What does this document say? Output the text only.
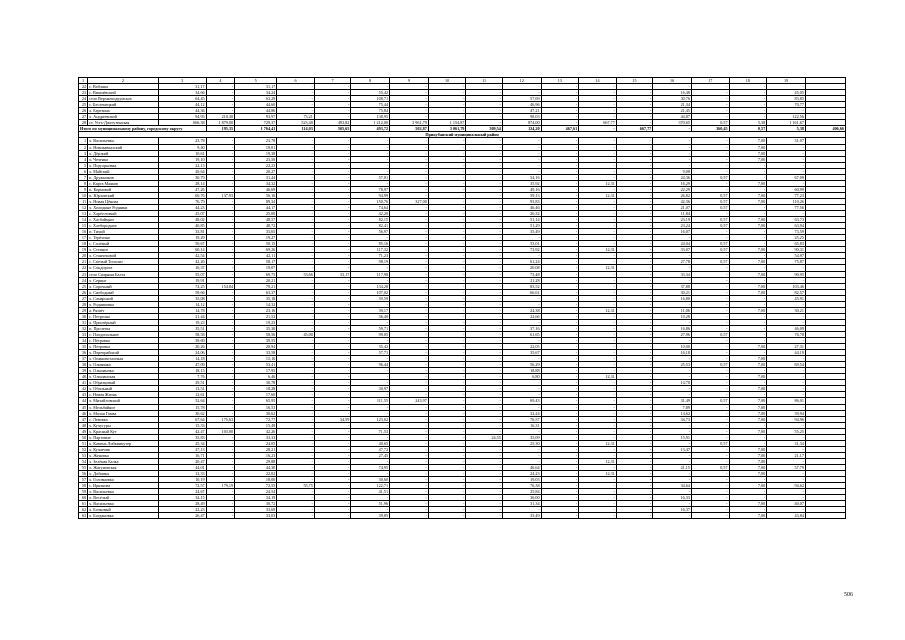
1	2	3	4	5	6	7	8	9	10	11	12	13	14	15	16	17	18	19	
22	с. Вобляка	31,17	-	31,17	-	-	-	-	-	-	-	-	-	-	-	-	-	-	
23	с. Вишнёвский	34,66	-	34,24	-	-	55,42	-	-	-	-	-	-	-	16,48	-	-	45,05	
24	село Верхнеподкумское	64,45	-	63,29	-	-	108,71	-	-	-	57,69	-	-	-	30,76	-	-	83,85	
25	с. Бесленецкий	44,12	-	44,60	-	-	75,44	-	-	-	46,96	-	-	-	21,34	-	-	70,77	
26	х. Березина	44,36	-	44,86	-	-	75,84	-	-	-	47,21	-	-	-	21,45	-	-	-	
27	х. Андреевский	94,93	210,30	93,97	73,21	-	138,95	-	-	-	98,03	-	-	-	44,87	-	-	122,56	
28	ст. Усть-Джегутинская	666,38	1 879,00	729,37	523,40	493,82	1 212,00	3 961,79	1 154,87	-	874,00	-	667,77	-	370,65	0,57	5,38	1 161,67	
Итого по муниципальному району, городскому округу			195,35	1 764,41	114,03	505,65	493,72	502,87	3 061,79	509,54	124,20	467,61	-	667,77	-	360,45	0,57	5,38	406,66
Прикубанский муниципальный район																			
1	х. Васильевка	23,78	-	23,78	-	-	-	-	-	-	-	-	-	-	-	-	7,00	31,07	
2	х. Новокавказский	9,40	-	19,01	-	-	-	-	-	-	-	-	-	-	-	-	7,00	-	
3	х. Дёрзкий	10,61	-	19,38	-	-	-	-	-	-	-	-	-	-	-	-	7,00	-	
4	х. Чеченка	19,10	-	23,50	-	-	-	-	-	-	-	-	-	-	-	-	7,00	-	
5	х. Подгорновка	22,13	-	22,23	-	-	-	-	-	-	-	-	-	-	-	-	-	-	
6	х. Майский	20,64	-	20,27	-	-	-	-	-	-	-	-	-	-	9,08	-	-	-	
7	п. Дружников	30,79	-	31,44	-	-	57,01	-	-	-	54,16	-	-	-	24,36	0,57	-	67,09	
8	с. Карта Маяков	28,14	-	34,32	-	-	-	-	-	-	35,92	-	12,31	-	16,29	-	7,00	-	
9	п. Кормовой	47,26	-	46,69	-	-	78,97	-	-	-	49,16	-	-	-	22,29	-	-	60,99	
10	п. Юрловский	60,76	137,93	56,16	-	-	94,99	-	-	-	59,13	-	12,31	-	26,82	0,57	7,00	77,23	
11	х. Новая Цёнова	76,79	-	89,34	-	-	150,76	327,00	-	-	93,83	-	-	-	42,36	0,57	7,00	110,26	
12	х. Холодные Родники	44,23	-	44,17	-	-	74,64	-	-	-	46,46	-	-	-	21,07	0,57	-	77,56	
13	с. Харёготовый	25,07	-	25,00	-	-	42,20	-	-	-	26,32	-	-	-	11,84	-	-	-	
14	с. Хасбайцкое	48,02	-	48,57	-	-	82,15	-	-	-	51,14	-	-	-	23,19	0,57	7,00	63,73	
15	с. Хлебородное	40,85	-	48,72	-	-	82,41	-	-	-	51,29	-	-	-	23,24	0,57	7,00	63,94	
16	п. Тихий	33,81	-	33,65	-	-	56,97	-	-	-	35,49	-	-	-	16,07	-	-	73,59	
17	с. Терёхино	19,29	-	19,27	-	-	-	-	-	-	-	-	-	-	-	-	-	25,25	
18	с. Солёный	50,67	-	50,15	-	-	85,16	-	-	-	53,01	-	-	-	24,04	0,57	-	65,83	
19	х. Степное	60,14	-	69,26	-	-	117,32	-	-	-	73,92	-	12,31	-	33,07	0,57	7,00	90,31	
20	х. Станчековой	42,54	-	42,11	-	-	71,23	-	-	-	-	-	-	-	-	-	-	54,97	
21	с. Спёлый Тополит	42,26	-	58,17	-	-	98,19	-	-	-	61,24	-	-	-	27,78	0,57	7,00	75,87	
22	х. Соцдорога	16,37	-	19,07	-	-	-	-	-	-	20,08	-	12,31	-	-	-	-	-	
23	село Спарныя Балта	55,07	-	69,75	53,66	33,17	117,98	-	-	-	73,48	-	-	-	33,34	-	7,00	90,95	
24	х. Серинг	19,91	-	20,21	-	-	-	-	-	-	21,28	-	-	-	-	-	-	-	
25	х. Сорочный	72,25	154,84	79,21	-	-	134,28	-	-	-	83,52	-	-	-	37,88	-	7,00	103,46	
26	х. Свободный	59,66	-	63,37	-	-	107,02	-	-	-	66,61	-	-	-	30,21	-	7,00	82,57	
27	х. Самарский	35,08	-	35,18	-	-	59,59	-	-	-	-	-	-	-	16,80	-	-	45,91	
28	х. Родниковка	14,12	-	14,32	-	-	-	-	-	-	-	-	-	-	-	-	-	-	
29	а. Рязаёт	14,78	-	23,16	-	-	39,17	-	-	-	24,38	-	12,31	-	11,06	-	7,00	30,21	
30	с. Петрозна	21,44	-	21,52	-	-	36,40	-	-	-	22,66	-	-	-	10,28	-	-	-	
31	х. Приозёрный	19,23	-	19,23	-	-	-	-	-	-	-	-	-	-	-	-	-	-	
32	п. Пролетка	35,51	-	35,30	-	-	59,71	-	-	-	37,16	-	-	-	16,86	-	-	46,09	
33	с. Плодопольное	58,58	-	58,56	45,00	-	99,05	-	-	-	61,65	-	-	-	27,96	0,57	-	76,78	
34	с. Пётровка	39,69	-	39,55	-	-	-	-	-	-	-	-	-	-	-	-	-	-	
35	х. Петровка	20,26	-	20,94	-	-	35,42	-	-	-	22,05	-	-	-	10,00	-	7,00	27,31	
36	х. Перепрайский	24,06	-	33,58	-	-	57,71	-	-	-	35,67	-	-	-	16,18	-	-	44,19	
37	х. Ошаковоталеная	14,18	-	15,16	-	-	-	-	-	-	-	-	-	-	-	-	7,00	-	
38	х. Ольвинка	47,09	-	53,41	-	-	96,44	-	-	-	56,29	-	-	-	25,53	0,57	7,00	69,54	
39	х. Ольшанчка	18,15	-	17,95	-	-	-	-	-	-	18,88	-	-	-	-	-	-	-	
40	х. Ольшанская	7,76	-	6,46	-	-	-	-	-	-	6,80	-	12,31	-	-	-	7,00	-	
41	х. Образцовый	29,51	-	30,78	-	-	-	-	-	-	-	-	-	-	14,70	-	-	-	
42	х. Обильный	13,51	-	18,28	-	-	30,97	-	-	-	-	-	-	-	-	-	7,00	-	
43	с. Новая Жизнь	12,61	-	17,60	-	-	-	-	-	-	-	-	-	-	-	-	-	-	
44	х. Михайловский	52,64	-	65,95	-	-	111,55	243,97	-	-	69,43	-	-	-	31,49	0,57	7,00	86,01	
45	х. Мельбяйное	15,78	-	16,53	-	-	-	-	-	-	-	-	-	-	7,89	-	7,00	-	
46	х. Малая Гомва	30,62	-	30,62	-	-	-	-	-	-	32,24	-	-	-	14,62	-	7,00	39,94	
47	с. Левовка	67,64	175,63	72,77	-	34,59	123,02	-	-	-	76,57	-	-	-	34,73	-	7,00	94,96	
48	х. Кучугуры	15,33	-	15,49	-	-	-	-	-	-	16,31	-	-	-	-	-	-	-	
49	х. Красный Кут	42,47	103,00	42,26	-	-	71,53	-	-	-	-	-	-	-	-	-	7,00	55,25	
50	х. Партовые	35,83	-	33,33	-	-	-	-	-	24,55	35,09	-	-	-	15,91	-	-	-	
51	х. Камень Либквипутер	25,34	-	24,05	-	-	40,65	-	-	-	25,30	-	12,31	-	-	0,57	-	31,34	
52	х. Кузнечик	27,13	-	28,21	-	-	47,72	-	-	-	-	-	-	-	13,47	-	7,00	-	
53	х. Женовка	16,71	-	16,23	-	-	27,45	-	-	-	-	-	-	-	-	-	7,00	21,17	
54	х. Зелёная Балка	20,47	-	29,88	-	-	-	-	-	-	-	-	12,31	-	-	-	7,00	-	
55	х. Жатуновская	44,01	-	44,30	-	-	74,95	-	-	-	46,64	-	-	-	21,15	0,57	7,00	57,79	
56	х. Добывка	12,33	-	22,02	-	-	-	-	-	-	24,23	-	12,31	-	-	-	7,00	-	
57	х. Головновка	10,19	-	18,00	-	-	30,60	-	-	-	19,03	-	-	-	-	-	-	-	
58	с. Ирнзнова	72,57	179,19	72,55	55,75	-	122,71	-	-	-	76,38	-	-	-	34,64	-	7,00	94,62	
59	х. Васильевка	24,67	-	24,54	-	-	41,51	-	-	-	25,84	-	-	-	-	-	-	-	
60	х. Весёлый	34,15	-	34,19	-	-	-	-	-	-	36,00	-	-	-	16,33	-	-	-	
61	х. Васильевка	28,49	-	30,72	-	-	51,96	-	-	-	31,34	-	-	-	-	-	7,00	40,07	
62	х. Бочковый	22,23	-	33,69	-	-	-	-	-	-	-	-	-	-	16,37	-	-	-	
63	х. Богдановка	26,47	-	33,03	-	-	39,85	-	-	-	35,49	-	-	-	-	-	7,00	43,84	
506
